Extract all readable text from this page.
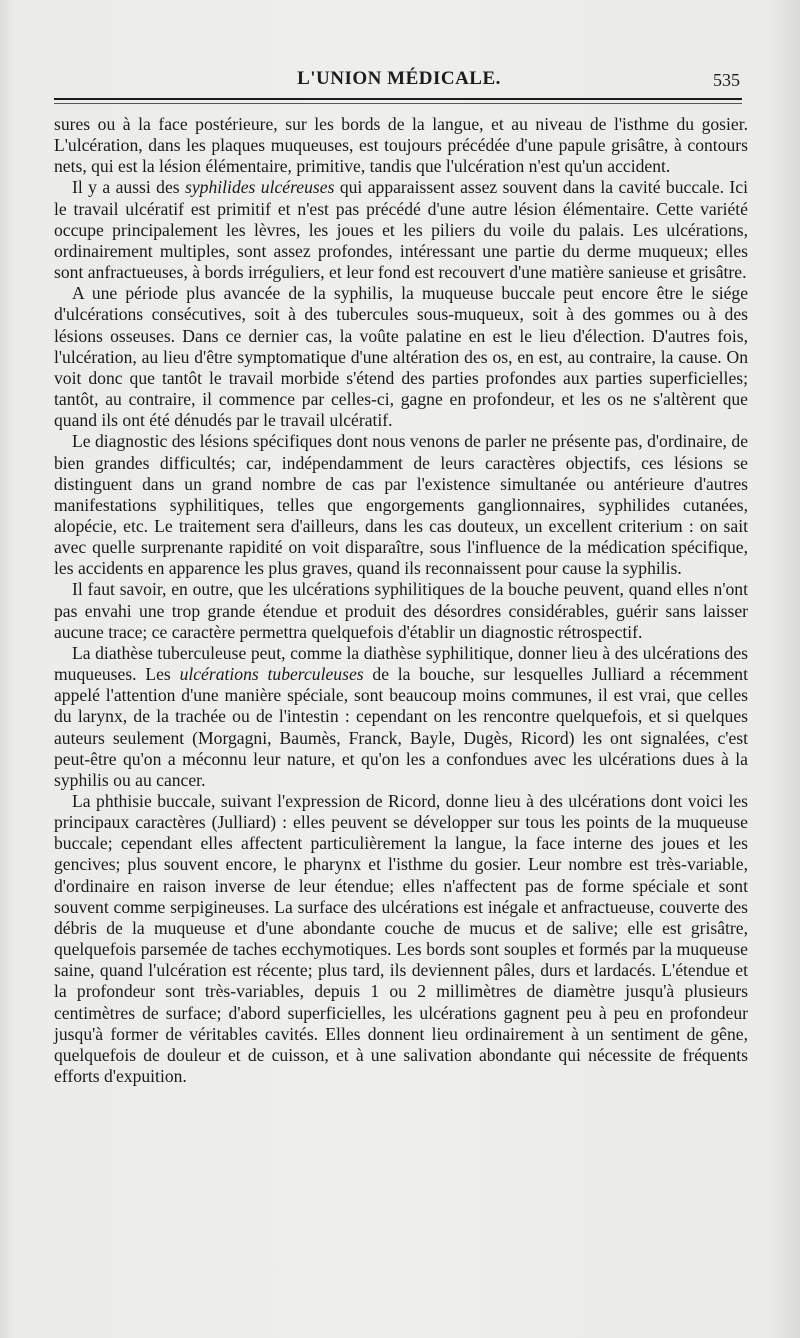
L'UNION MÉDICALE.	535

sures ou à la face postérieure, sur les bords de la langue, et au niveau de l'isthme du gosier. L'ulcération, dans les plaques muqueuses, est toujours précédée d'une papule grisâtre, à contours nets, qui est la lésion élémentaire, primitive, tandis que l'ulcération n'est qu'un accident.

Il y a aussi des syphilides ulcéreuses qui apparaissent assez souvent dans la cavité buccale. Ici le travail ulcératif est primitif et n'est pas précédé d'une autre lésion élémentaire. Cette variété occupe principalement les lèvres, les joues et les piliers du voile du palais. Les ulcérations, ordinairement multiples, sont assez profondes, intéressant une partie du derme muqueux; elles sont anfractueuses, à bords irréguliers, et leur fond est recouvert d'une matière sanieuse et grisâtre.

A une période plus avancée de la syphilis, la muqueuse buccale peut encore être le siége d'ulcérations consécutives, soit à des tubercules sous-muqueux, soit à des gommes ou à des lésions osseuses. Dans ce dernier cas, la voûte palatine en est le lieu d'élection. D'autres fois, l'ulcération, au lieu d'être symptomatique d'une altération des os, en est, au contraire, la cause. On voit donc que tantôt le travail morbide s'étend des parties profondes aux parties superficielles; tantôt, au contraire, il commence par celles-ci, gagne en profondeur, et les os ne s'altèrent que quand ils ont été dénudés par le travail ulcératif.

Le diagnostic des lésions spécifiques dont nous venons de parler ne présente pas, d'ordinaire, de bien grandes difficultés; car, indépendamment de leurs caractères objectifs, ces lésions se distinguent dans un grand nombre de cas par l'existence simultanée ou antérieure d'autres manifestations syphilitiques, telles que engorgements ganglionnaires, syphilides cutanées, alopécie, etc. Le traitement sera d'ailleurs, dans les cas douteux, un excellent criterium : on sait avec quelle surprenante rapidité on voit disparaître, sous l'influence de la médication spécifique, les accidents en apparence les plus graves, quand ils reconnaissent pour cause la syphilis.

Il faut savoir, en outre, que les ulcérations syphilitiques de la bouche peuvent, quand elles n'ont pas envahi une trop grande étendue et produit des désordres considérables, guérir sans laisser aucune trace; ce caractère permettra quelquefois d'établir un diagnostic rétrospectif.

La diathèse tuberculeuse peut, comme la diathèse syphilitique, donner lieu à des ulcérations des muqueuses. Les ulcérations tuberculeuses de la bouche, sur lesquelles Julliard a récemment appelé l'attention d'une manière spéciale, sont beaucoup moins communes, il est vrai, que celles du larynx, de la trachée ou de l'intestin : cependant on les rencontre quelquefois, et si quelques auteurs seulement (Morgagni, Baumès, Franck, Bayle, Dugès, Ricord) les ont signalées, c'est peut-être qu'on a méconnu leur nature, et qu'on les a confondues avec les ulcérations dues à la syphilis ou au cancer.

La phthisie buccale, suivant l'expression de Ricord, donne lieu à des ulcérations dont voici les principaux caractères (Julliard) : elles peuvent se développer sur tous les points de la muqueuse buccale; cependant elles affectent particulièrement la langue, la face interne des joues et les gencives; plus souvent encore, le pharynx et l'isthme du gosier. Leur nombre est très-variable, d'ordinaire en raison inverse de leur étendue; elles n'affectent pas de forme spéciale et sont souvent comme serpigineuses. La surface des ulcérations est inégale et anfractueuse, couverte des débris de la muqueuse et d'une abondante couche de mucus et de salive; elle est grisâtre, quelquefois parsemée de taches ecchymotiques. Les bords sont souples et formés par la muqueuse saine, quand l'ulcération est récente; plus tard, ils deviennent pâles, durs et lardacés. L'étendue et la profondeur sont très-variables, depuis 1 ou 2 millimètres de diamètre jusqu'à plusieurs centimètres de surface; d'abord superficielles, les ulcérations gagnent peu à peu en profondeur jusqu'à former de véritables cavités. Elles donnent lieu ordinairement à un sentiment de gêne, quelquefois de douleur et de cuisson, et à une salivation abondante qui nécessite de fréquents efforts d'expuition.
